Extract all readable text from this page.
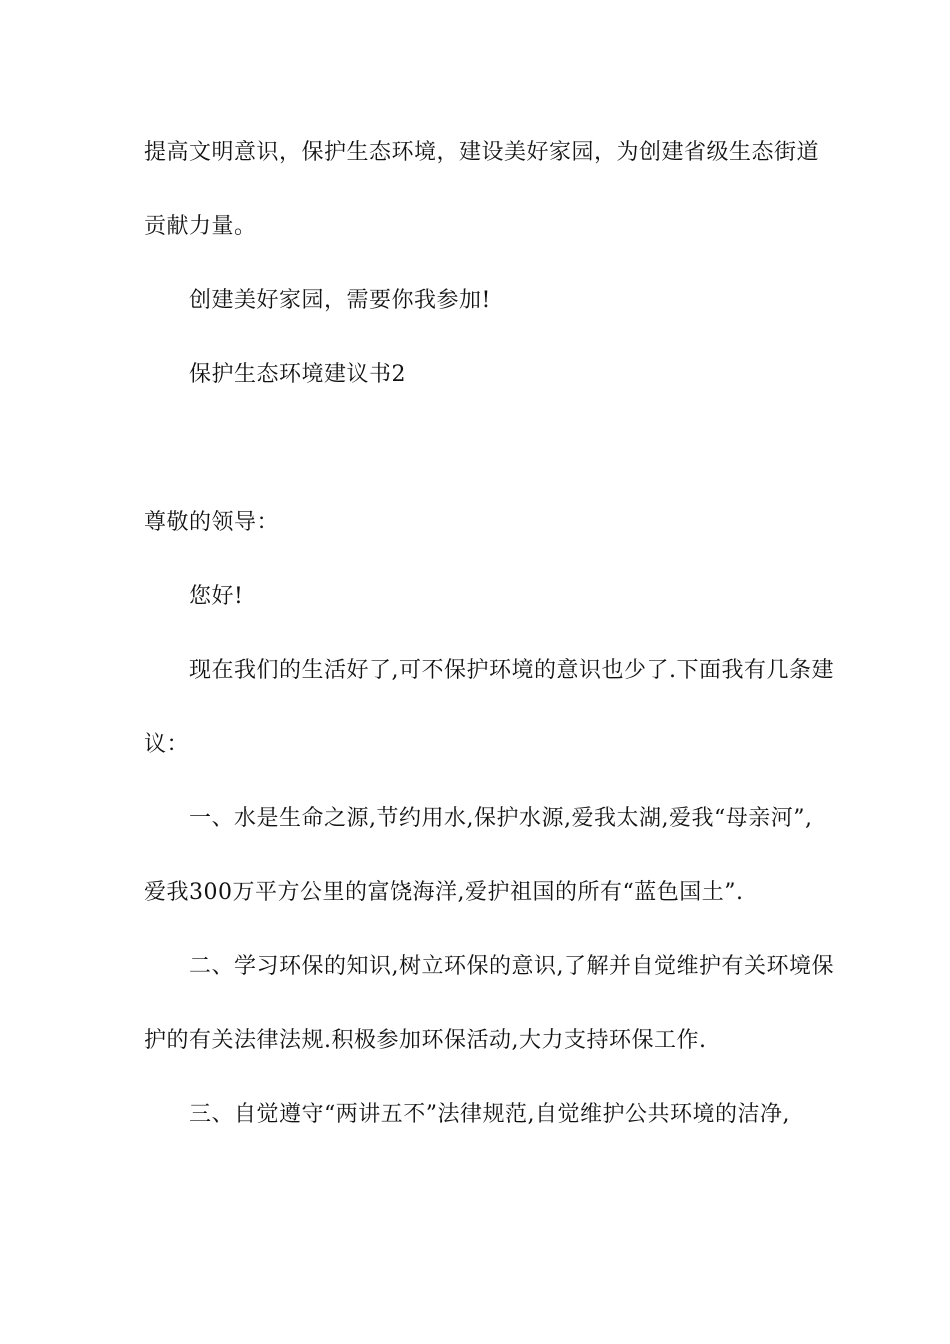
提高文明意识，保护生态环境，建设美好家园，为创建省级生态街道贡献力量。

创建美好家园，需要你我参加!

保护生态环境建议书2

尊敬的领导：

您好!

现在我们的生活好了,可不保护环境的意识也少了.下面我有几条建议：

一、水是生命之源,节约用水,保护水源,爱我太湖,爱我“母亲河”,爱我300万平方公里的富饶海洋,爱护祖国的所有“蓝色国土”.

二、学习环保的知识,树立环保的意识,了解并自觉维护有关环境保护的有关法律法规.积极参加环保活动,大力支持环保工作.

三、自觉遵守“两讲五不”法律规范,自觉维护公共环境的洁净,
